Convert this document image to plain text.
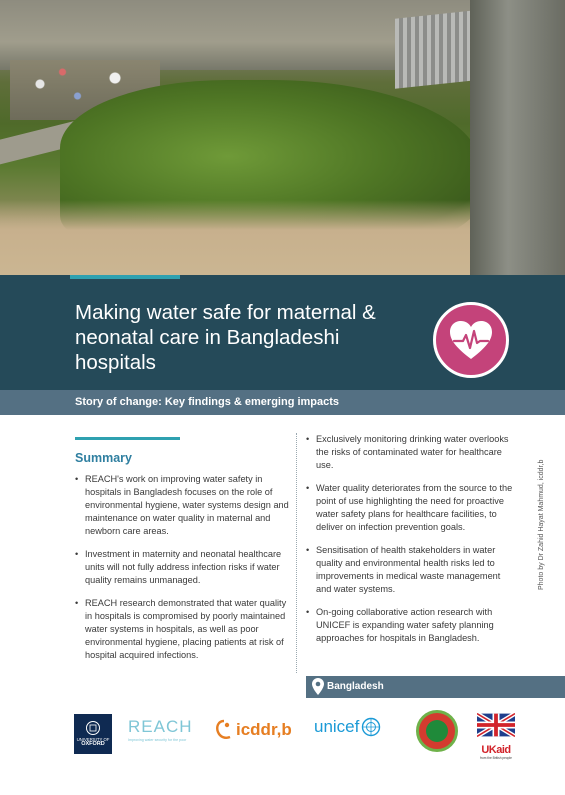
Making water safe for maternal & neonatal care in Bangladeshi hospitals
Story of change: Key findings & emerging impacts
Summary
• REACH's work on improving water safety in hospitals in Bangladesh focuses on the role of environmental hygiene, water systems design and maintenance on water quality in maternal and newborn care areas.
• Investment in maternity and neonatal healthcare units will not fully address infection risks if water quality remains unmanaged.
• REACH research demonstrated that water quality in hospitals is compromised by poorly maintained water systems in hospitals, as well as poor environmental hygiene, placing patients at risk of hospital acquired infections.
• Exclusively monitoring drinking water overlooks the risks of contaminated water for healthcare use.
• Water quality deteriorates from the source to the point of use highlighting the need for proactive water safety plans for healthcare facilities, to deliver on infection prevention goals.
• Sensitisation of health stakeholders in water quality and environmental health risks led to improvements in medical waste management and water systems.
• On-going collaborative action research with UNICEF is expanding water safety planning approaches for hospitals in Bangladesh.
Photo by Dr Zahid Hayat Mahmud, icddr,b
Bangladesh
UNIVERSITY OF
OXFORD
REACH
Improving water security for the poor
icddr,b unicef
UKaid
from the British people
